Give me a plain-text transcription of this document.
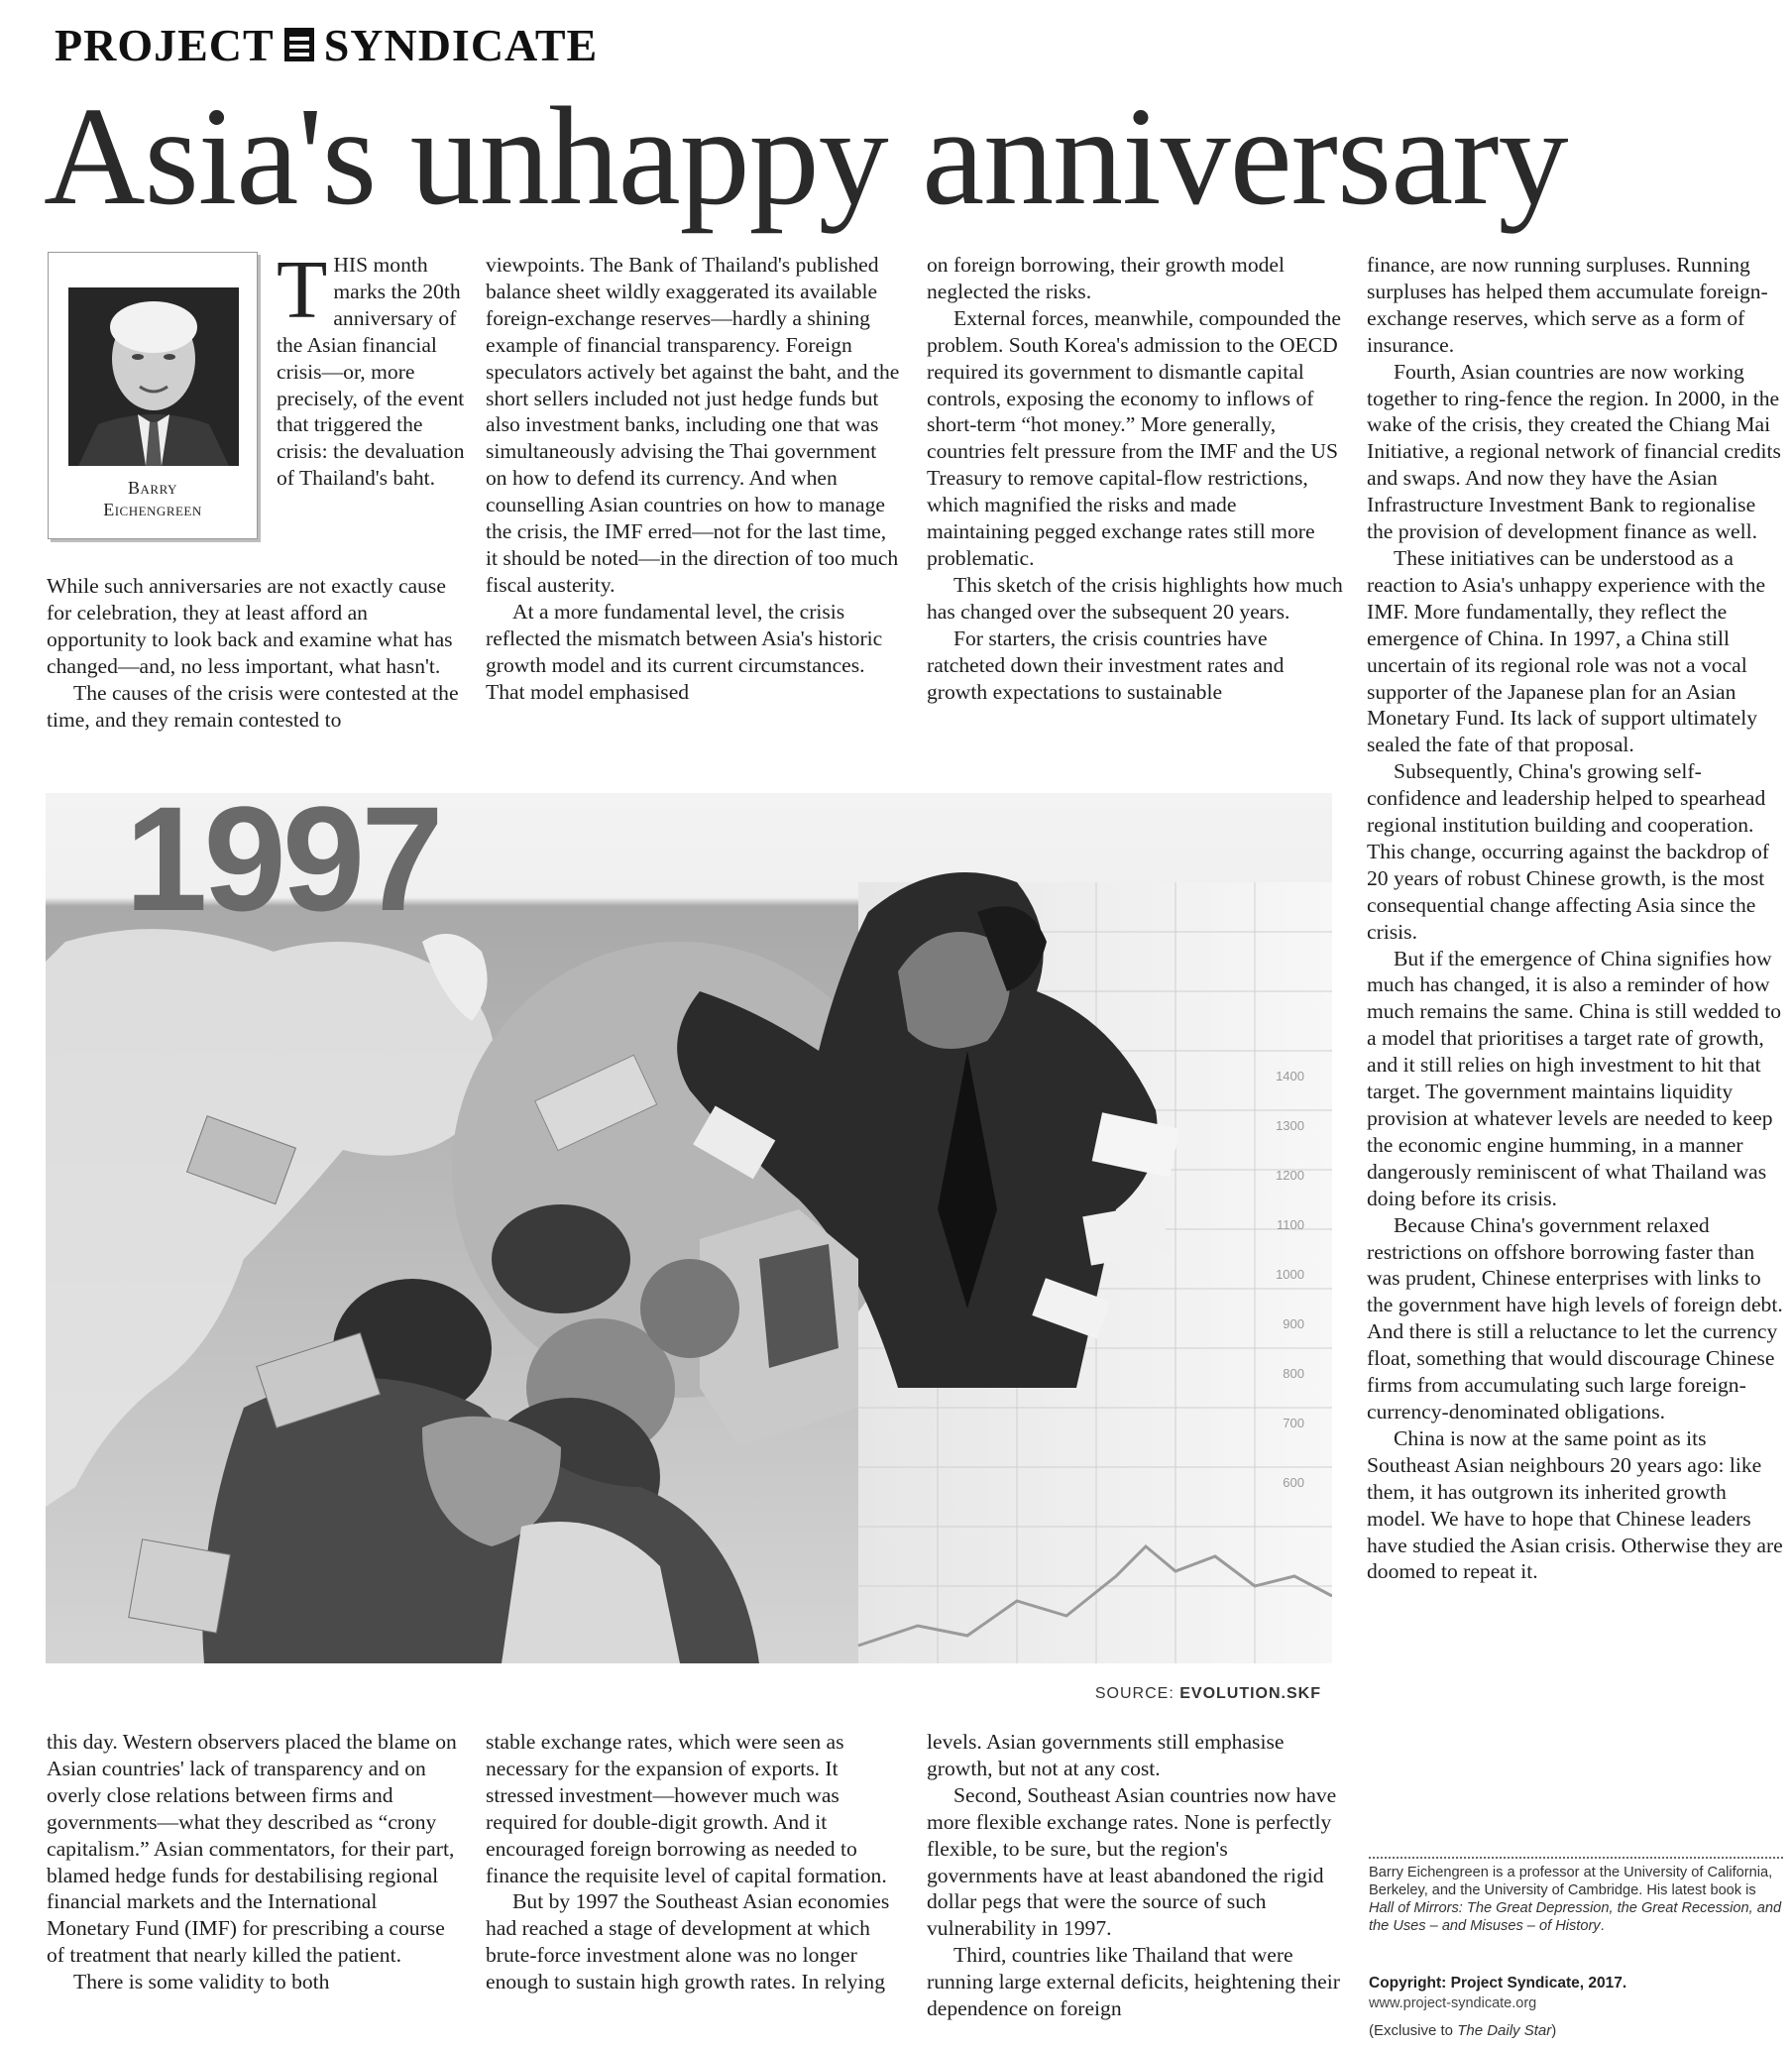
PROJECT SYNDICATE
Asia's unhappy anniversary
Barry
Eichengreen
THIS month marks the 20th anniversary of the Asian financial crisis—or, more precisely, of the event that triggered the crisis: the devaluation of Thailand's baht.

While such anniversaries are not exactly cause for celebration, they at least afford an opportunity to look back and examine what has changed—and, no less important, what hasn't.

The causes of the crisis were contested at the time, and they remain contested to

viewpoints. The Bank of Thailand's published balance sheet wildly exaggerated its available foreign-exchange reserves—hardly a shining example of financial transparency. Foreign speculators actively bet against the baht, and the short sellers included not just hedge funds but also investment banks, including one that was simultaneously advising the Thai government on how to defend its currency. And when counselling Asian countries on how to manage the crisis, the IMF erred—not for the last time, it should be noted—in the direction of too much fiscal austerity.

At a more fundamental level, the crisis reflected the mismatch between Asia's historic growth model and its current circumstances. That model emphasised

on foreign borrowing, their growth model neglected the risks.

External forces, meanwhile, compounded the problem. South Korea's admission to the OECD required its government to dismantle capital controls, exposing the economy to inflows of short-term “hot money.” More generally, countries felt pressure from the IMF and the US Treasury to remove capital-flow restrictions, which magnified the risks and made maintaining pegged exchange rates still more problematic.

This sketch of the crisis highlights how much has changed over the subsequent 20 years.

For starters, the crisis countries have ratcheted down their investment rates and growth expectations to sustainable

finance, are now running surpluses. Running surpluses has helped them accumulate foreign-exchange reserves, which serve as a form of insurance.

Fourth, Asian countries are now working together to ring-fence the region. In 2000, in the wake of the crisis, they created the Chiang Mai Initiative, a regional network of financial credits and swaps. And now they have the Asian Infrastructure Investment Bank to regionalise the provision of development finance as well.

These initiatives can be understood as a reaction to Asia's unhappy experience with the IMF. More fundamentally, they reflect the emergence of China. In 1997, a China still uncertain of its regional role was not a vocal supporter of the Japanese plan for an Asian Monetary Fund. Its lack of support ultimately sealed the fate of that proposal.

Subsequently, China's growing self-confidence and leadership helped to spearhead regional institution building and cooperation. This change, occurring against the backdrop of 20 years of robust Chinese growth, is the most consequential change affecting Asia since the crisis.

But if the emergence of China signifies how much has changed, it is also a reminder of how much remains the same. China is still wedded to a model that prioritises a target rate of growth, and it still relies on high investment to hit that target. The government maintains liquidity provision at whatever levels are needed to keep the economic engine humming, in a manner dangerously reminiscent of what Thailand was doing before its crisis.

Because China's government relaxed restrictions on offshore borrowing faster than was prudent, Chinese enterprises with links to the government have high levels of foreign debt. And there is still a reluctance to let the currency float, something that would discourage Chinese firms from accumulating such large foreign-currency-denominated obligations.

China is now at the same point as its Southeast Asian neighbours 20 years ago: like them, it has outgrown its inherited growth model. We have to hope that Chinese leaders have studied the Asian crisis. Otherwise they are doomed to repeat it.

1997
1400
1300
1200
1100
1000
900
800
700
600
SOURCE: EVOLUTION.SKF

this day. Western observers placed the blame on Asian countries' lack of transparency and on overly close relations between firms and governments—what they described as “crony capitalism.” Asian commentators, for their part, blamed hedge funds for destabilising regional financial markets and the International Monetary Fund (IMF) for prescribing a course of treatment that nearly killed the patient.

There is some validity to both

stable exchange rates, which were seen as necessary for the expansion of exports. It stressed investment—however much was required for double-digit growth. And it encouraged foreign borrowing as needed to finance the requisite level of capital formation.

But by 1997 the Southeast Asian economies had reached a stage of development at which brute-force investment alone was no longer enough to sustain high growth rates. In relying

levels. Asian governments still emphasise growth, but not at any cost.

Second, Southeast Asian countries now have more flexible exchange rates. None is perfectly flexible, to be sure, but the region's governments have at least abandoned the rigid dollar pegs that were the source of such vulnerability in 1997.

Third, countries like Thailand that were running large external deficits, heightening their dependence on foreign

Barry Eichengreen is a professor at the University of California, Berkeley, and the University of Cambridge. His latest book is Hall of Mirrors: The Great Depression, the Great Recession, and the Uses – and Misuses – of History.
Copyright: Project Syndicate, 2017.
www.project-syndicate.org
(Exclusive to The Daily Star)
